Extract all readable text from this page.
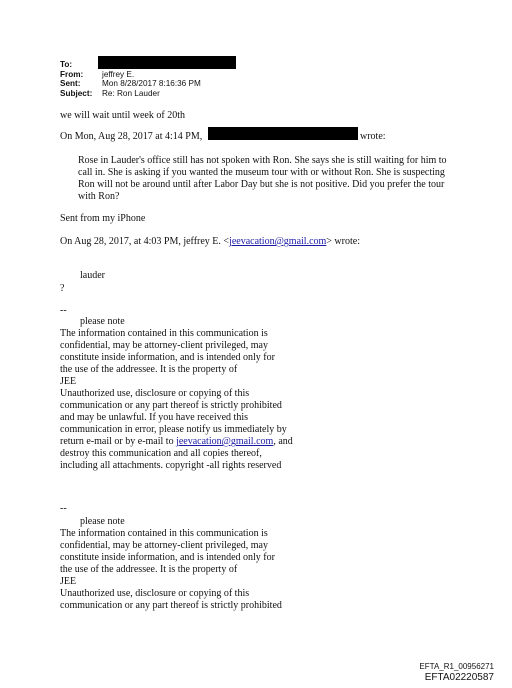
To:
From:	jeffrey E.
Sent:	Mon 8/28/2017 8:16:36 PM
Subject:	Re: Ron Lauder
we will wait until week of 20th
On Mon, Aug 28, 2017 at 4:14 PM,	wrote:
Rose in Lauder's office still has not spoken with Ron. She says she is still waiting for him to
call in. She is asking if you wanted the museum tour with or without Ron. She is suspecting
Ron will not be around until after Labor Day but she is not positive. Did you prefer the tour
with Ron?
Sent from my iPhone
On Aug 28, 2017, at 4:03 PM, jeffrey E. <jeevacation@gmail.com> wrote:
lauder
?
--
please note
The information contained in this communication is
confidential, may be attorney-client privileged, may
constitute inside information, and is intended only for
the use of the addressee. It is the property of
JEE
Unauthorized use, disclosure or copying of this
communication or any part thereof is strictly prohibited
and may be unlawful. If you have received this
communication in error, please notify us immediately by
return e-mail or by e-mail to jeevacation@gmail.com, and
destroy this communication and all copies thereof,
including all attachments. copyright -all rights reserved
--
please note
The information contained in this communication is
confidential, may be attorney-client privileged, may
constitute inside information, and is intended only for
the use of the addressee. It is the property of
JEE
Unauthorized use, disclosure or copying of this
communication or any part thereof is strictly prohibited
EFTA_R1_00956271
EFTA02220587
